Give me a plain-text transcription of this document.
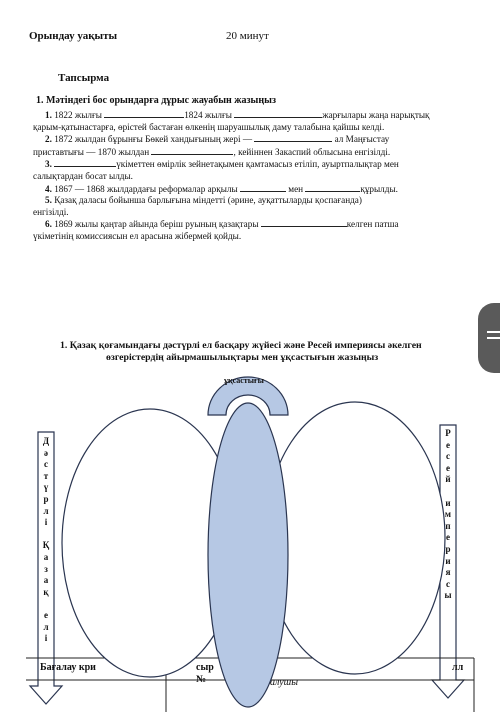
Орындау уақыты	20 минут
Тапсырма
1. Мәтіндегі бос орындарға дұрыс жауабын жазыңыз
1. 1822 жылғы	1824 жылғы	жарғылары жаңа нарықтық
қарым-қатынастарға, өрістей бастаған өлкенің шаруашылық даму талабына қайшы келді.
2. 1872 жылдан бұрынғы Бөкей хандығының жері —	ал Маңғыстау
приставтығы — 1870 жылдан	, кейіннен Закаспий облысына енгізілді.
3.	үкіметтен өмірлік зейнетақымен қамтамасыз етіліп, ауыртпалықтар мен
салықтардан босат ылды.
4. 1867 — 1868 жылдардағы реформалар арқылы	мен	құрылды.
5. Қазақ даласы бойынша барлығына міндетті (әрине, ауқаттыларды қоспағанда)
енгізілді.
6. 1869 жылы қаңтар айында беріш руының қазақтары	келген патша
үкіметінің комиссиясын ел арасына жібермей қойды.
1. Қазақ қоғамындағы дәстүрлі ел басқару жүйесі және Ресей империясы әкелген
өзгерістердің айырмашылықтары мен ұқсастығын жазыңыз
ұқсастығы
Д
ә
с
т
ү
р
л
і

Қ
а
з
а
қ

е
л
і
Р
е
с
е
й

и
м
п
е
р
и
я
с
ы
Бағалау кри	сыр
№	алушы
лл
